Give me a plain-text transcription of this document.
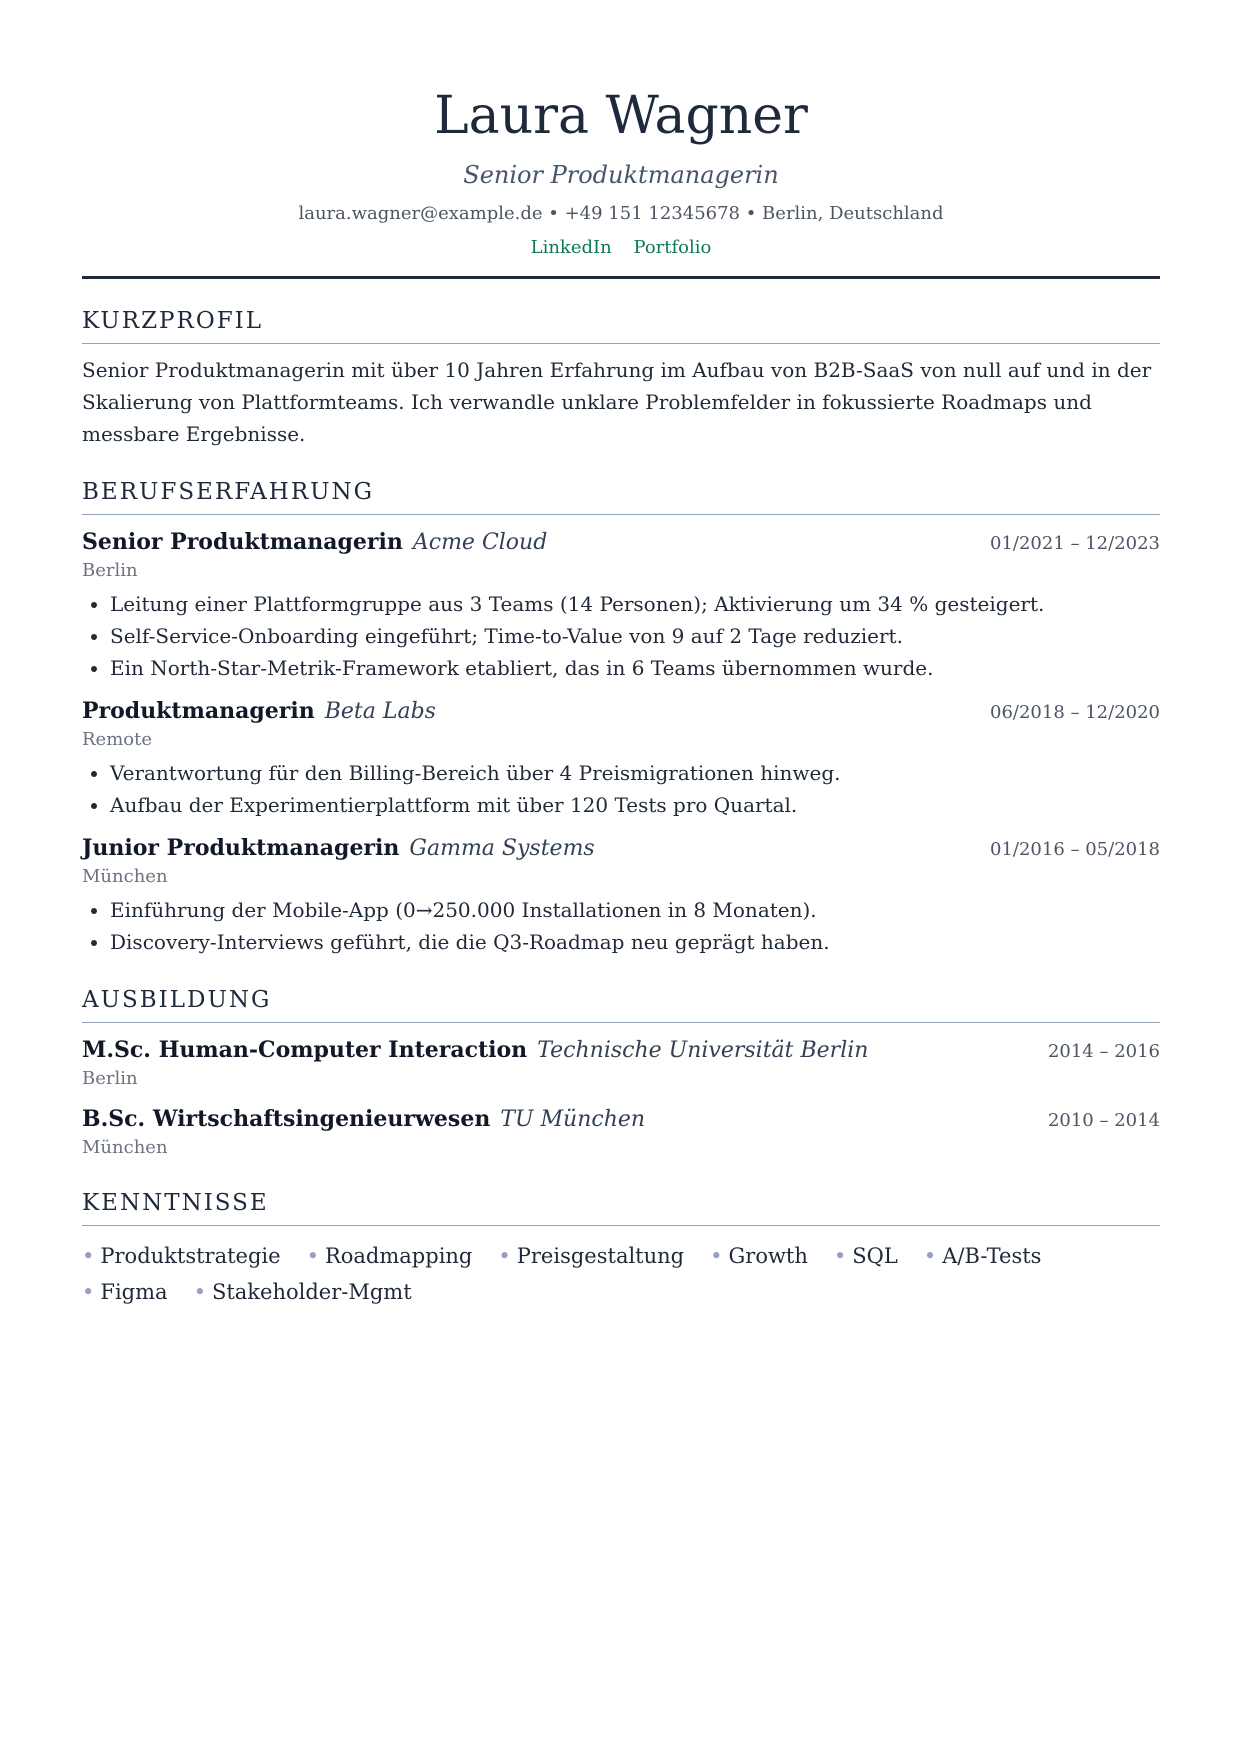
Laura Wagner
Senior Produktmanagerin
laura.wagner@example.de • +49 151 12345678 • Berlin, Deutschland
LinkedIn Portfolio
KURZPROFIL
Senior Produktmanagerin mit über 10 Jahren Erfahrung im Aufbau von B2B-SaaS von null auf und in der Skalierung von Plattformteams. Ich verwandle unklare Problemfelder in fokussierte Roadmaps und messbare Ergebnisse.
BERUFSERFAHRUNG
Senior Produktmanagerin Acme Cloud	01/2021 – 12/2023
Berlin
• Leitung einer Plattformgruppe aus 3 Teams (14 Personen); Aktivierung um 34 % gesteigert.
• Self-Service-Onboarding eingeführt; Time-to-Value von 9 auf 2 Tage reduziert.
• Ein North-Star-Metrik-Framework etabliert, das in 6 Teams übernommen wurde.
Produktmanagerin Beta Labs	06/2018 – 12/2020
Remote
• Verantwortung für den Billing-Bereich über 4 Preismigrationen hinweg.
• Aufbau der Experimentierplattform mit über 120 Tests pro Quartal.
Junior Produktmanagerin Gamma Systems	01/2016 – 05/2018
München
• Einführung der Mobile-App (0→250.000 Installationen in 8 Monaten).
• Discovery-Interviews geführt, die die Q3-Roadmap neu geprägt haben.
AUSBILDUNG
M.Sc. Human-Computer Interaction Technische Universität Berlin	2014 – 2016
Berlin
B.Sc. Wirtschaftsingenieurwesen TU München	2010 – 2014
München
KENNTNISSE
• Produktstrategie • Roadmapping • Preisgestaltung • Growth • SQL • A/B-Tests
• Figma • Stakeholder-Mgmt
